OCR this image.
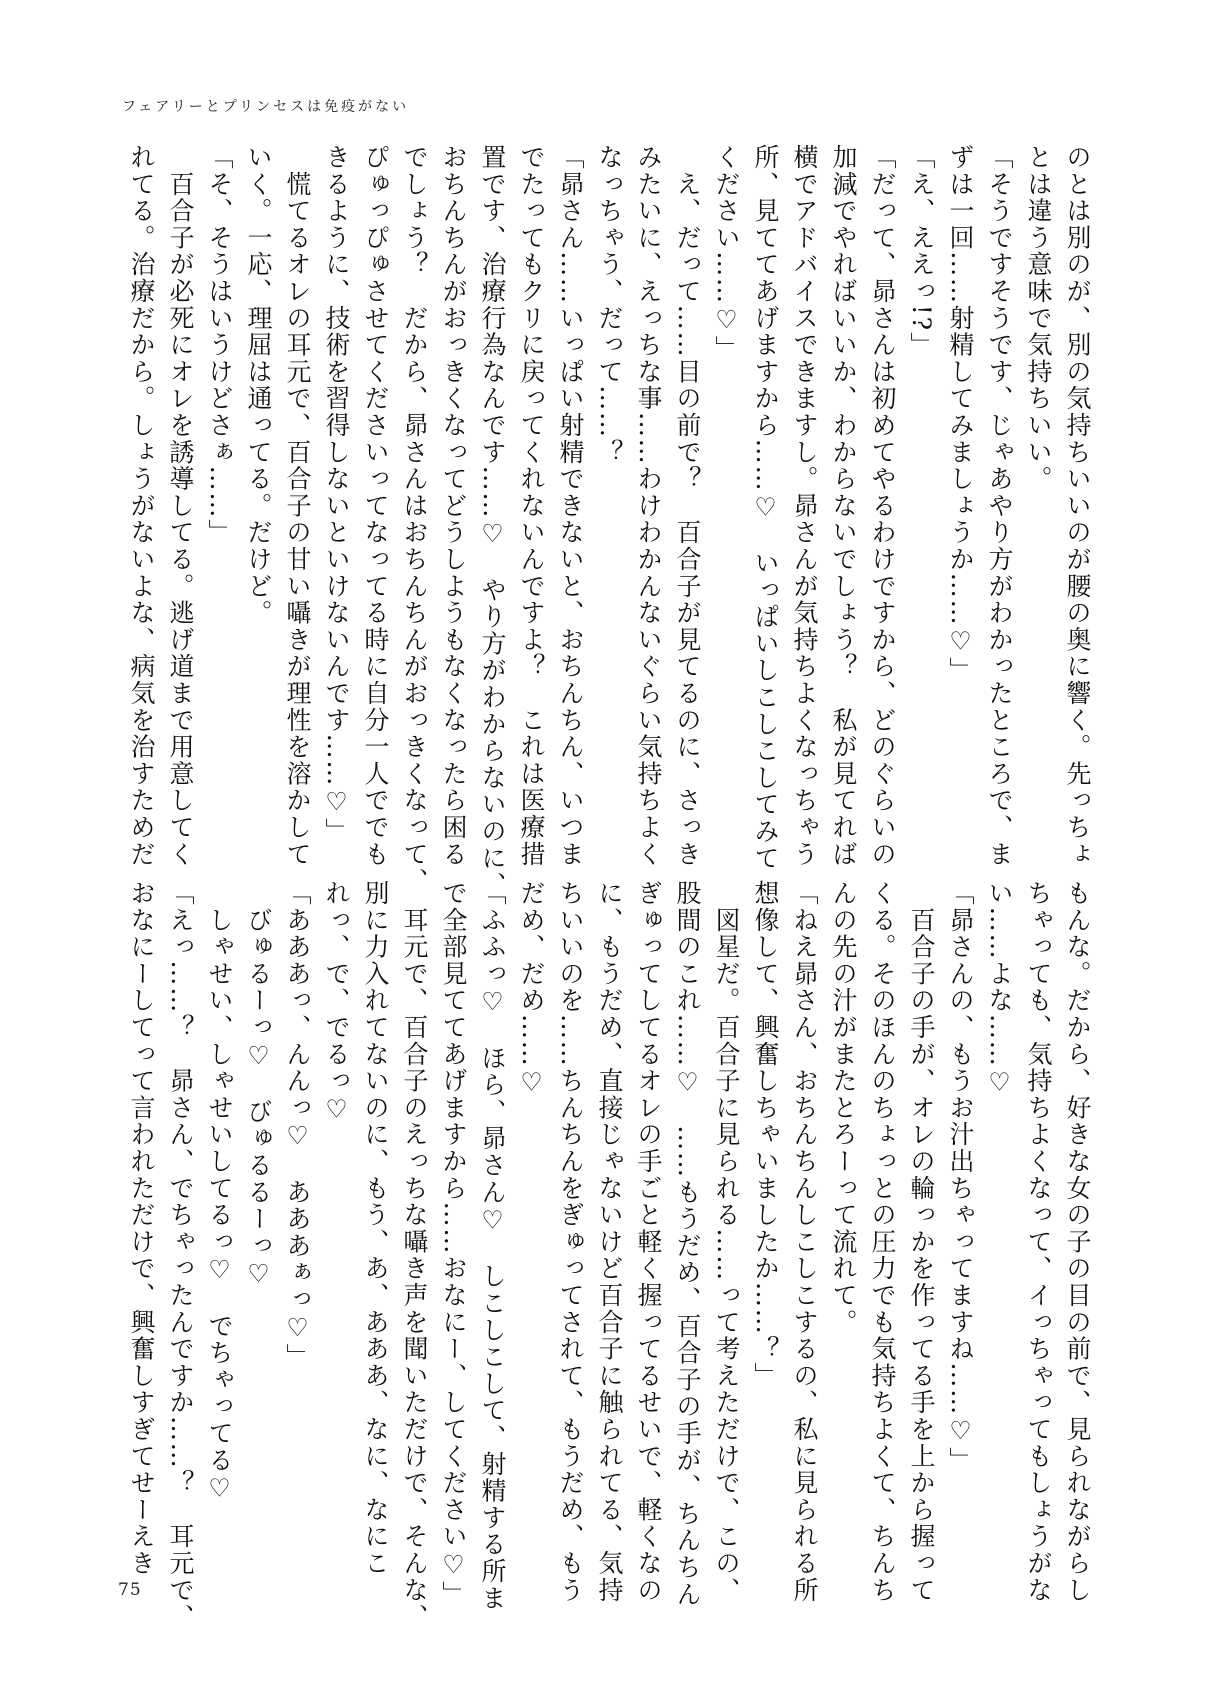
フェアリーとプリンセスは免疫がない
のとは別のが、別の気持ちいいのが腰の奥に響く。先っちょ
とは違う意味で気持ちいい。
「そうですそうです、じゃあやり方がわかったところで、ま
ずは一回……射精してみましょうか……♡」
「え、ええっ!?」
「だって、昴さんは初めてやるわけですから、どのぐらいの
加減でやればいいか、わからないでしょう？　私が見てれば
横でアドバイスできますし。昴さんが気持ちよくなっちゃう
所、見ててあげますから……♡　いっぱいしこしこしてみて
ください……♡」
　え、だって……目の前で？　百合子が見てるのに、さっき
みたいに、えっちな事……わけわかんないぐらい気持ちよく
なっちゃう、だって……？
「昴さん……いっぱい射精できないと、おちんちん、いつま
でたってもクリに戻ってくれないんですよ？　これは医療措
置です、治療行為なんです……♡　やり方がわからないのに、
おちんちんがおっきくなってどうしようもなくなったら困る
でしょう？　だから、昴さんはおちんちんがおっきくなって、
ぴゅっぴゅさせてくださいってなってる時に自分一人ででも
きるように、技術を習得しないといけないんです……♡」
　慌てるオレの耳元で、百合子の甘い囁きが理性を溶かして
いく。一応、理屈は通ってる。だけど。
「そ、そうはいうけどさぁ……」
　百合子が必死にオレを誘導してる。逃げ道まで用意してく
れてる。治療だから。しょうがないよな、病気を治すためだ
もんな。だから、好きな女の子の目の前で、見られながらし
ちゃっても、気持ちよくなって、イっちゃってもしょうがな
い……よな……♡
「昴さんの、もうお汁出ちゃってますね……♡」
　百合子の手が、オレの輪っかを作ってる手を上から握って
くる。そのほんのちょっとの圧力でも気持ちよくて、ちんち
んの先の汁がまたとろーって流れて。
「ねえ昴さん、おちんちんしこしこするの、私に見られる所
想像して、興奮しちゃいましたか……？」
　図星だ。百合子に見られる……って考えただけで、この、
股間のこれ……♡　……もうだめ、百合子の手が、ちんちん
ぎゅってしてるオレの手ごと軽く握ってるせいで、軽くなの
に、もうだめ、直接じゃないけど百合子に触られてる、気持
ちいいのを……ちんちんをぎゅってされて、もうだめ、もう
だめ、だめ……♡
「ふふっ♡　ほら、昴さん♡　しこしこして、射精する所ま
で全部見ててあげますから……おなにー、してください♡」
　耳元で、百合子のえっちな囁き声を聞いただけで、そんな、
別に力入れてないのに、もう、あ、あああ、なに、なにこ
れっ、で、でるっ♡
「あああっ、んんっ♡　あああぁっ♡」
　びゅるーっ♡　びゅるるーっ♡
　しゃせい、しゃせいしてるっ♡　でちゃってる♡
「えっ……？　昴さん、でちゃったんですか……？　耳元で、
おなにーしてって言われただけで、興奮しすぎてせーえき
75
